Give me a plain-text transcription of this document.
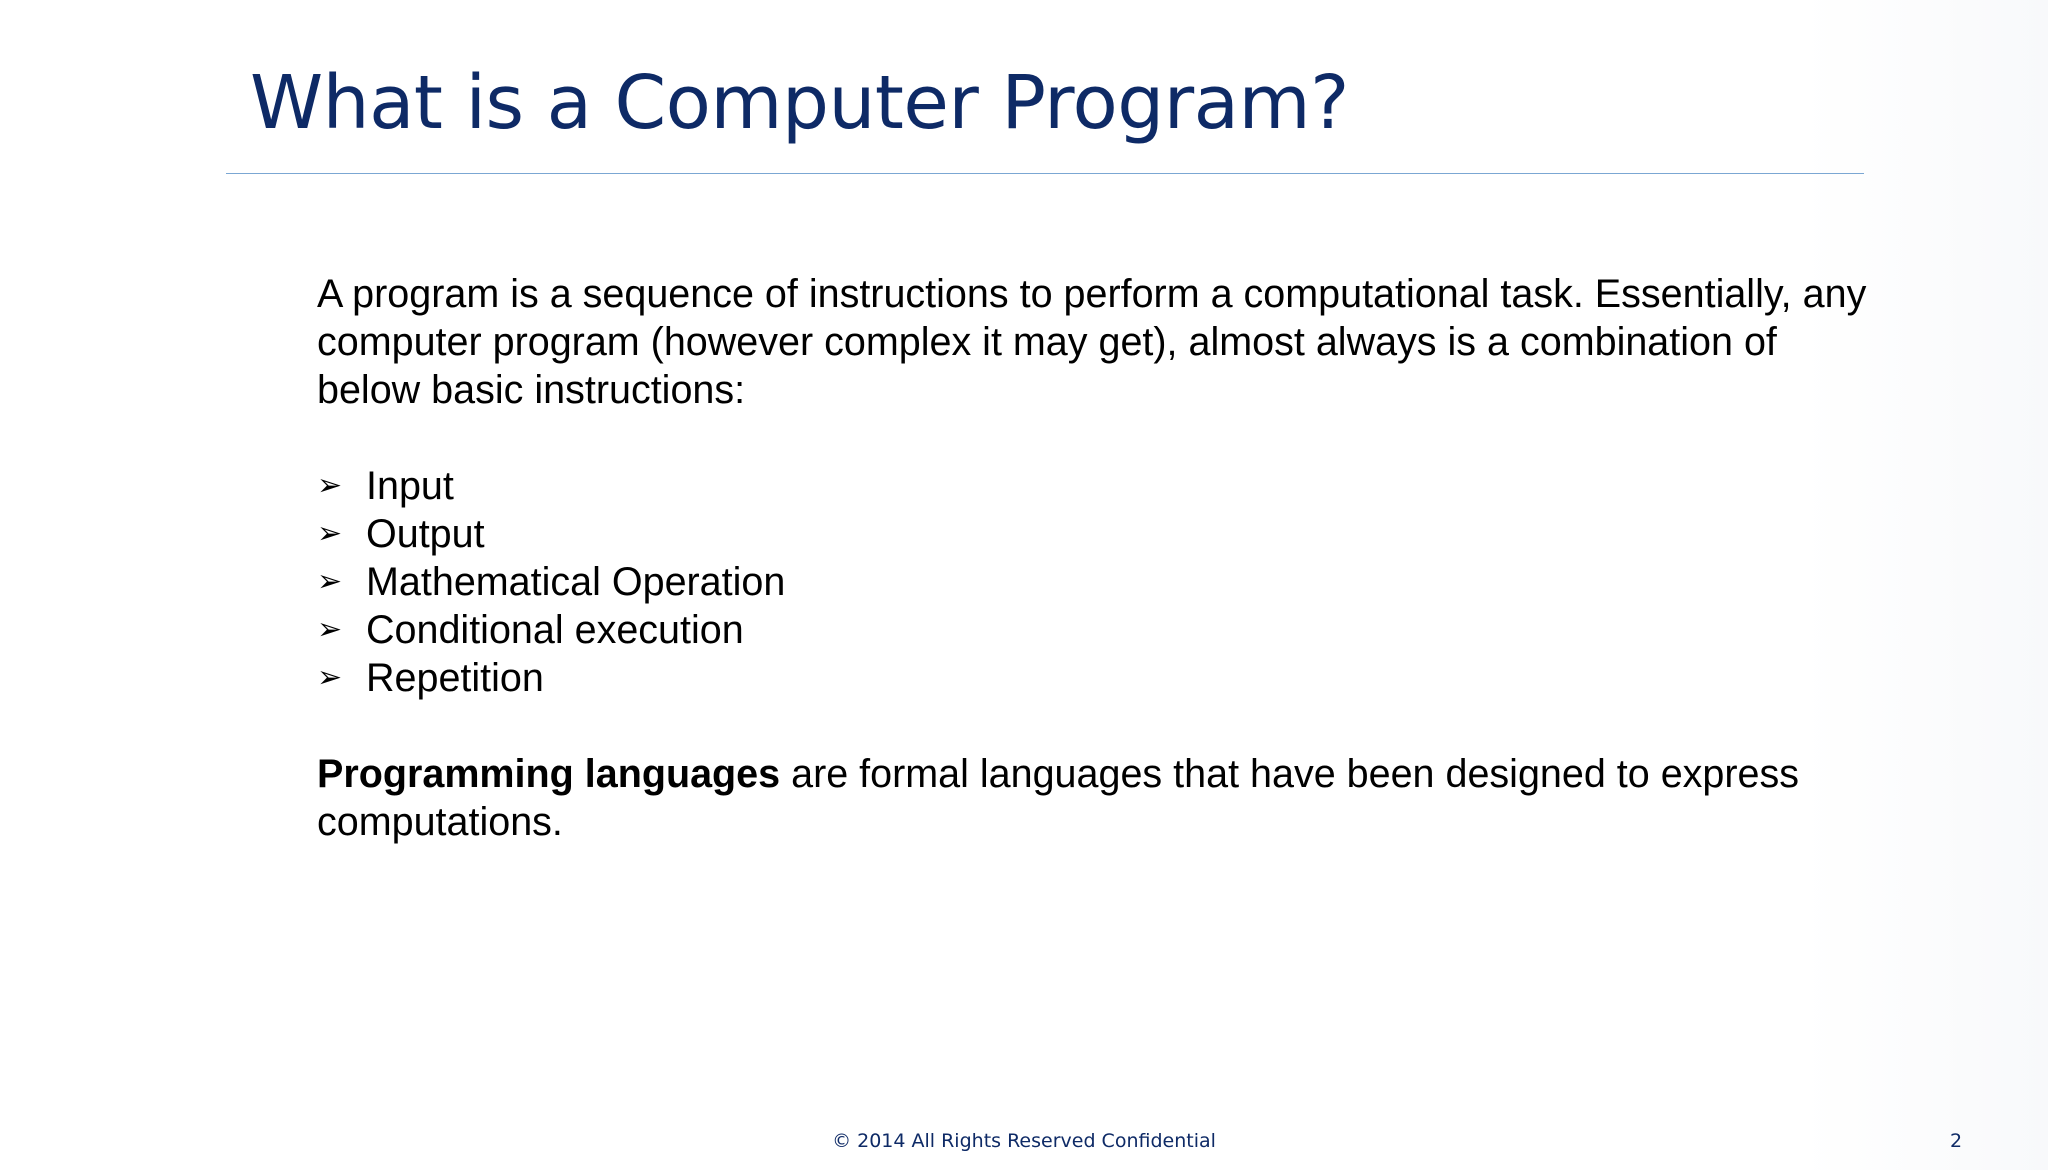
What is a Computer Program?

A program is a sequence of instructions to perform a computational task. Essentially, any
computer program (however complex it may get), almost always is a combination of
below basic instructions:

➢ Input
➢ Output
➢ Mathematical Operation
➢ Conditional execution
➢ Repetition

Programming languages are formal languages that have been designed to express
computations.

© 2014 All Rights Reserved Confidential	2
